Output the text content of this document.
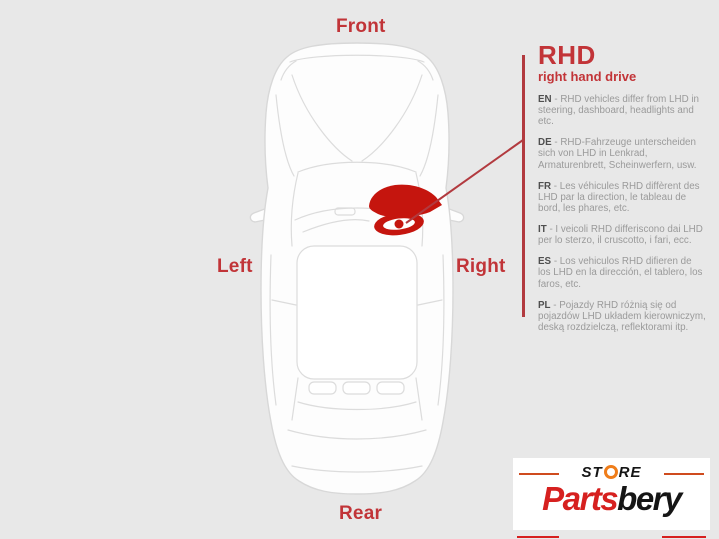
Front
Left	Right
Rear
RHD
right hand drive

EN - RHD vehicles differ from LHD in steering, dashboard, headlights and etc.

DE - RHD-Fahrzeuge unterscheiden sich von LHD in Lenkrad, Armaturenbrett, Scheinwerfern, usw.

FR - Les véhicules RHD diffèrent des LHD par la direction, le tableau de bord, les phares, etc.

IT - I veicoli RHD differiscono dai LHD per lo sterzo, il cruscotto, i fari, ecc.

ES - Los vehiculos RHD difieren de los LHD en la dirección, el tablero, los faros, etc.

PL - Pojazdy RHD różnią się od pojazdów LHD układem kierowniczym, deską rozdzielczą, reflektorami itp.

ST RE
Partsbery
